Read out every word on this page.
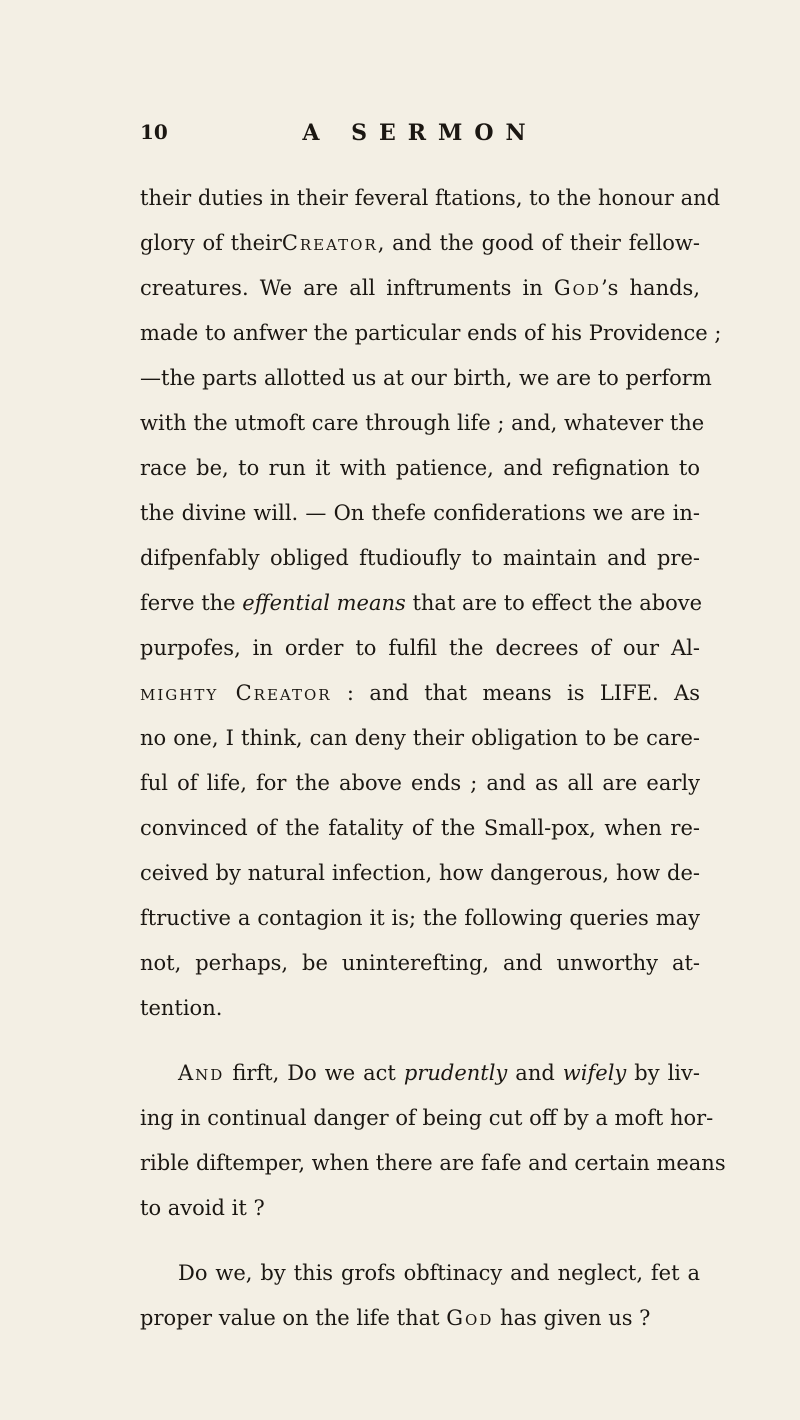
10	A SERMON
their duties in their feveral ftations, to the honour and
glory of theirCreator, and the good of their fellow-
creatures. We are all inftruments in God’s hands,
made to anfwer the particular ends of his Providence ;
—the parts allotted us at our birth, we are to perform
with the utmoft care through life ; and, whatever the
race be, to run it with patience, and refignation to
the divine will. — On thefe confiderations we are in-
difpenfably obliged ftudioufly to maintain and pre-
ferve the effential means that are to effect the above
purpofes, in order to fulfil the decrees of our Al-
mighty Creator : and that means is LIFE. As
no one, I think, can deny their obligation to be care-
ful of life, for the above ends ; and as all are early
convinced of the fatality of the Small-pox, when re-
ceived by natural infection, how dangerous, how de-
ftructive a contagion it is; the following queries may
not, perhaps, be uninterefting, and unworthy at-
tention.
And firft, Do we act prudently and wifely by liv-
ing in continual danger of being cut off by a moft hor-
rible diftemper, when there are fafe and certain means
to avoid it ?
Do we, by this grofs obftinacy and neglect, fet a
proper value on the life that God has given us ?
